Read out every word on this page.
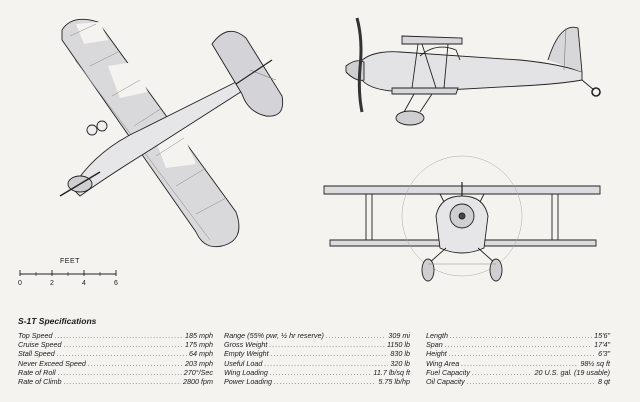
FEET
0	2	4	6
S-1T Specifications
Top Speed .....	185 mph
Cruise Speed .....	175 mph
Stall Speed .....	64 mph
Never Exceed Speed .....	203 mph
Rate of Roll .....	270°/Sec
Rate of Climb .....	2800 fpm
Range (55% pwr, ½ hr reserve) .....	309 mi
Gross Weight .....	1150 lb
Empty Weight .....	830 lb
Useful Load .....	320 lb
Wing Loading .....	11.7 lb/sq ft
Power Loading .....	5.75 lb/hp
Length .....	15'6"
Span .....	17'4"
Height .....	6'3"
Wing Area .....	98½ sq ft
Fuel Capacity .....	20 U.S. gal. (19 usable)
Oil Capacity .....	8 qt
